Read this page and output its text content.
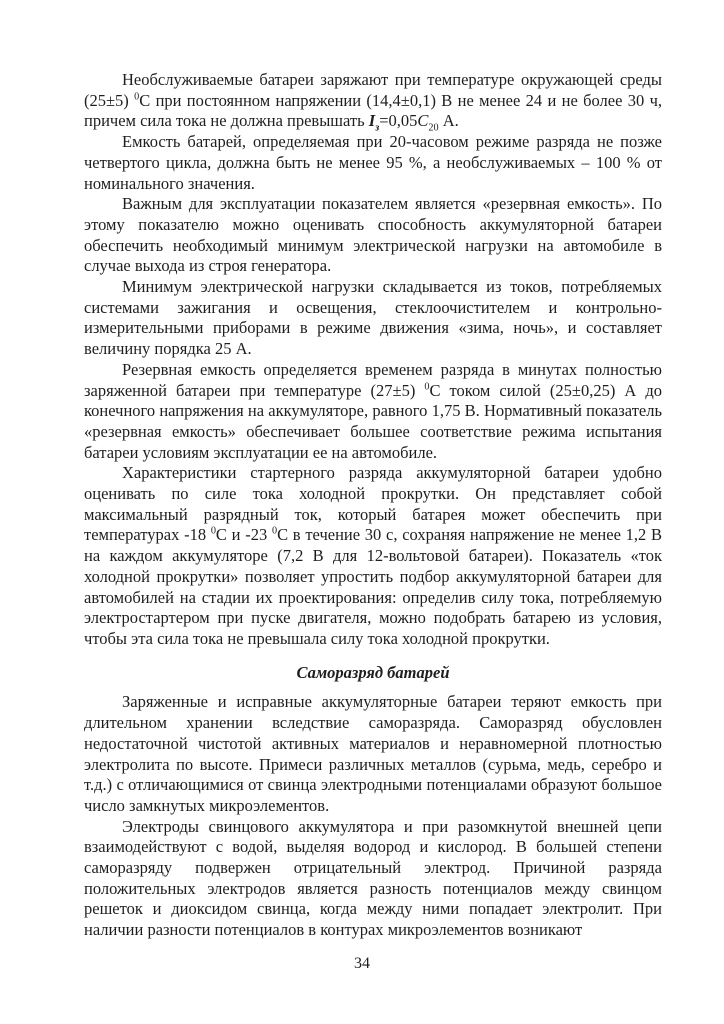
Необслуживаемые батареи заряжают при температуре окружающей среды (25±5) $^0$С при постоянном напряжении (14,4±0,1) В не менее 24 и не более 30 ч, причем сила тока не должна превышать $I_з=0,05C_{20}$ А.

Емкость батарей, определяемая при 20-часовом режиме разряда не позже четвертого цикла, должна быть не менее 95 %, а необслуживаемых – 100 % от номинального значения.

Важным для эксплуатации показателем является «резервная емкость». По этому показателю можно оценивать способность аккумуляторной батареи обеспечить необходимый минимум электрической нагрузки на автомобиле в случае выхода из строя генератора.

Минимум электрической нагрузки складывается из токов, потребляемых системами зажигания и освещения, стеклоочистителем и контрольно-измерительными приборами в режиме движения «зима, ночь», и составляет величину порядка 25 А.

Резервная емкость определяется временем разряда в минутах полностью заряженной батареи при температуре (27±5) $^0$С током силой (25±0,25) А до конечного напряжения на аккумуляторе, равного 1,75 В. Нормативный показатель «резервная емкость» обеспечивает большее соответствие режима испытания батареи условиям эксплуатации ее на автомобиле.

Характеристики стартерного разряда аккумуляторной батареи удобно оценивать по силе тока холодной прокрутки. Он представляет собой максимальный разрядный ток, который батарея может обеспечить при температурах -18 $^0$С и -23 $^0$С в течение 30 с, сохраняя напряжение не менее 1,2 В на каждом аккумуляторе (7,2 В для 12-вольтовой батареи). Показатель «ток холодной прокрутки» позволяет упростить подбор аккумуляторной батареи для автомобилей на стадии их проектирования: определив силу тока, потребляемую электростартером при пуске двигателя, можно подобрать батарею из условия, чтобы эта сила тока не превышала силу тока холодной прокрутки.

Саморазряд батарей

Заряженные и исправные аккумуляторные батареи теряют емкость при длительном хранении вследствие саморазряда. Саморазряд обусловлен недостаточной чистотой активных материалов и неравномерной плотностью электролита по высоте. Примеси различных металлов (сурьма, медь, серебро и т.д.) с отличающимися от свинца электродными потенциалами образуют большое число замкнутых микроэлементов.

Электроды свинцового аккумулятора и при разомкнутой внешней цепи взаимодействуют с водой, выделяя водород и кислород. В большей степени саморазряду подвержен отрицательный электрод. Причиной разряда положительных электродов является разность потенциалов между свинцом решеток и диоксидом свинца, когда между ними попадает электролит. При наличии разности потенциалов в контурах микроэлементов возникают

34
